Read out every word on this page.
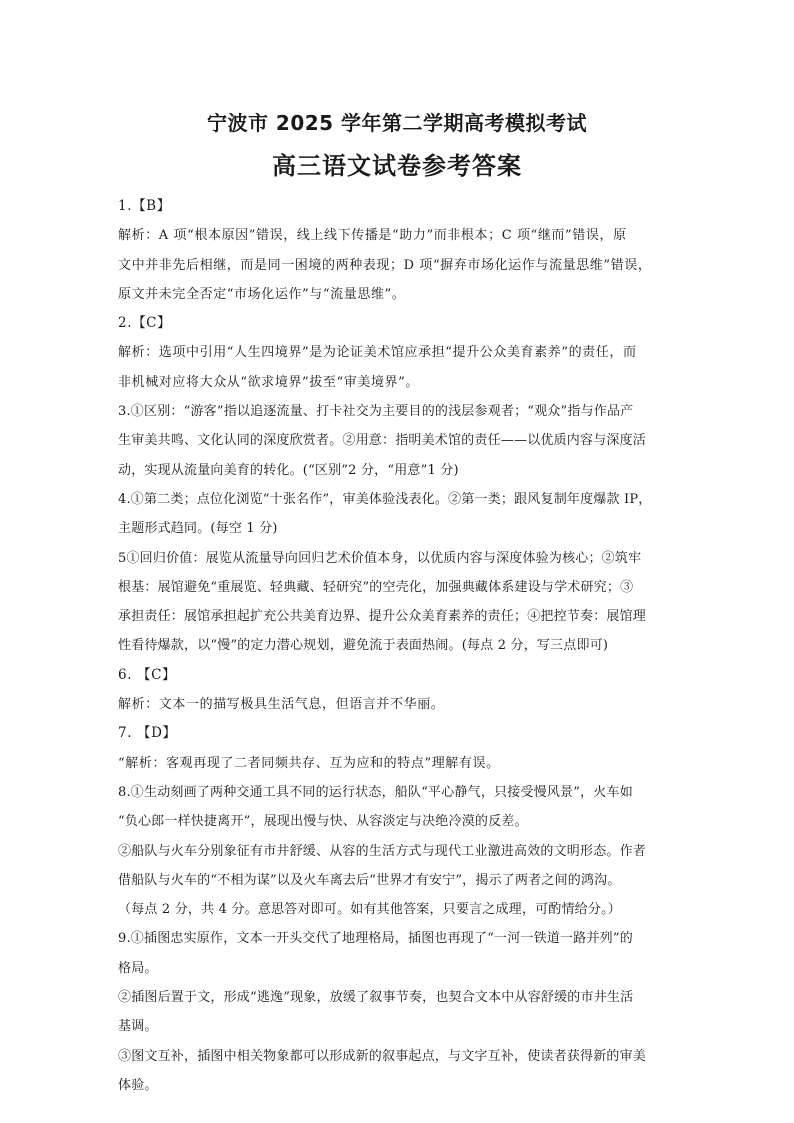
宁波市 2025 学年第二学期高考模拟考试
高三语文试卷参考答案

1.【B】

解析：A 项“根本原因”错误，线上线下传播是“助力”而非根本；C 项“继而”错误，原

文中并非先后相继，而是同一困境的两种表现；D 项“摒弃市场化运作与流量思维”错误，

原文并未完全否定“市场化运作”与“流量思维”。

2.【C】

解析：选项中引用“人生四境界”是为论证美术馆应承担“提升公众美育素养”的责任，而

非机械对应将大众从“欲求境界”拔至“审美境界”。

3.①区别：“游客”指以追逐流量、打卡社交为主要目的的浅层参观者；“观众”指与作品产

生审美共鸣、文化认同的深度欣赏者。②用意：指明美术馆的责任——以优质内容与深度活

动，实现从流量向美育的转化。(“区别”2 分，“用意”1 分)

4.①第二类；点位化浏览“十张名作”，审美体验浅表化。②第一类；跟风复制年度爆款 IP，

主题形式趋同。(每空 1 分)

5①回归价值：展览从流量导向回归艺术价值本身，以优质内容与深度体验为核心；②筑牢

根基：展馆避免“重展览、轻典藏、轻研究”的空壳化，加强典藏体系建设与学术研究；③

承担责任：展馆承担起扩充公共美育边界、提升公众美育素养的责任；④把控节奏：展馆理

性看待爆款，以“慢”的定力潜心规划，避免流于表面热闹。(每点 2 分，写三点即可)

6. 【C】

解析：文本一的描写极具生活气息，但语言并不华丽。

7. 【D】

“解析：客观再现了二者同频共存、互为应和的特点”理解有误。

8.①生动刻画了两种交通工具不同的运行状态，船队“平心静气，只接受慢风景”，火车如

“负心郎一样快捷离开”，展现出慢与快、从容淡定与决绝冷漠的反差。

②船队与火车分别象征有市井舒缓、从容的生活方式与现代工业激进高效的文明形态。作者

借船队与火车的“不相为谋”以及火车离去后“世界才有安宁”，揭示了两者之间的鸿沟。

（每点 2 分，共 4 分。意思答对即可。如有其他答案，只要言之成理，可酌情给分。）

9.①插图忠实原作，文本一开头交代了地理格局，插图也再现了“一河一铁道一路并列”的

格局。

②插图后置于文，形成“逃逸”现象，放缓了叙事节奏，也契合文本中从容舒缓的市井生活

基调。

③图文互补，插图中相关物象都可以形成新的叙事起点，与文字互补，使读者获得新的审美

体验。
